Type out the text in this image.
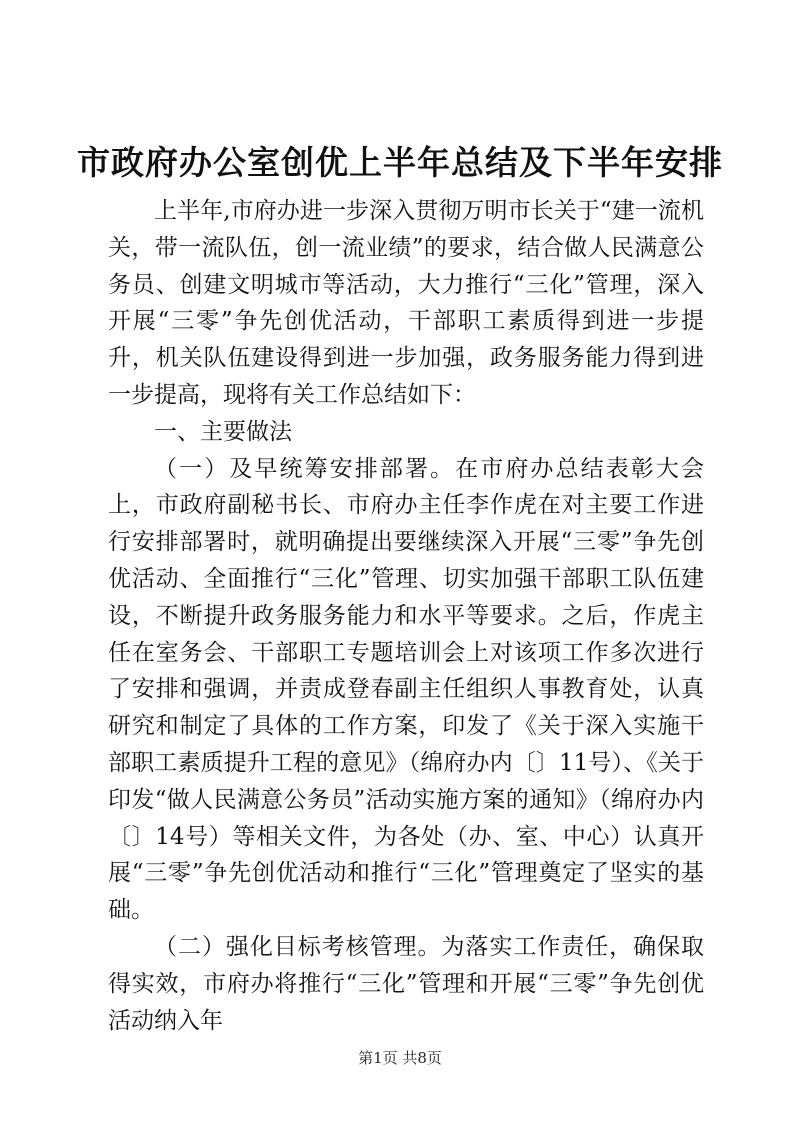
市政府办公室创优上半年总结及下半年安排

上半年,市府办进一步深入贯彻万明市长关于“建一流机关，带一流队伍，创一流业绩”的要求，结合做人民满意公务员、创建文明城市等活动，大力推行“三化”管理，深入开展“三零”争先创优活动，干部职工素质得到进一步提升，机关队伍建设得到进一步加强，政务服务能力得到进一步提高，现将有关工作总结如下：

一、主要做法

（一）及早统筹安排部署。在市府办总结表彰大会上，市政府副秘书长、市府办主任李作虎在对主要工作进行安排部署时，就明确提出要继续深入开展“三零”争先创优活动、全面推行“三化”管理、切实加强干部职工队伍建设，不断提升政务服务能力和水平等要求。之后，作虎主任在室务会、干部职工专题培训会上对该项工作多次进行了安排和强调，并责成登春副主任组织人事教育处，认真研究和制定了具体的工作方案，印发了《关于深入实施干部职工素质提升工程的意见》（绵府办内〔〕11号）、《关于印发“做人民满意公务员”活动实施方案的通知》（绵府办内〔〕14号）等相关文件，为各处（办、室、中心）认真开展“三零”争先创优活动和推行“三化”管理奠定了坚实的基础。

（二）强化目标考核管理。为落实工作责任，确保取得实效，市府办将推行“三化”管理和开展“三零”争先创优活动纳入年

第1页 共8页
